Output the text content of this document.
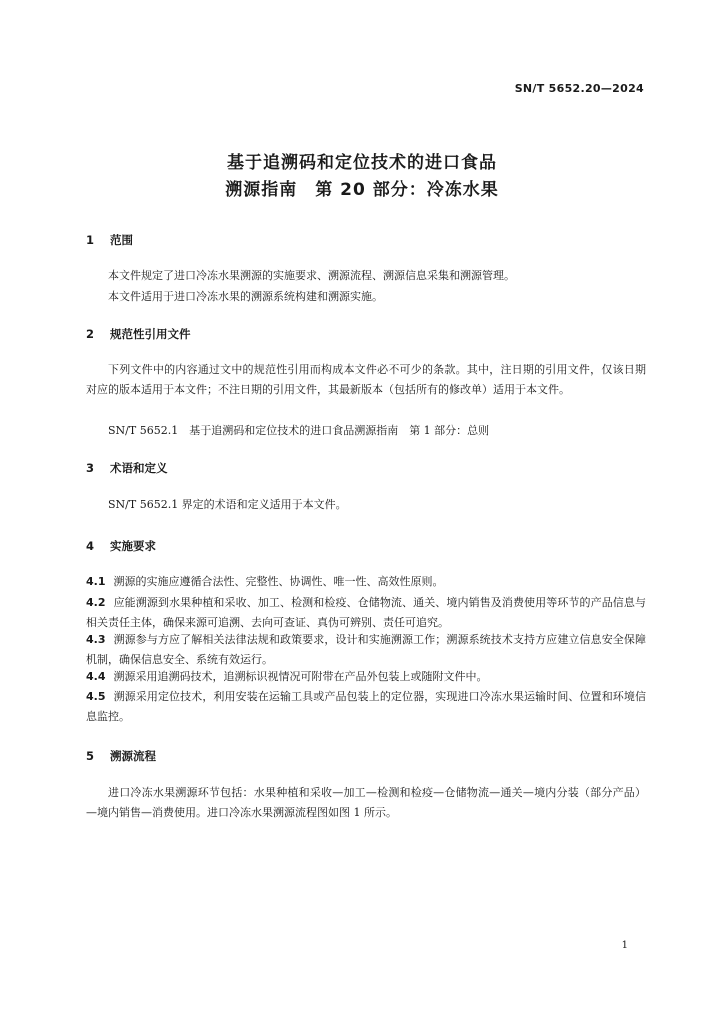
SN/T 5652.20—2024
基于追溯码和定位技术的进口食品
溯源指南　第 20 部分：冷冻水果
1 范围
本文件规定了进口冷冻水果溯源的实施要求、溯源流程、溯源信息采集和溯源管理。
本文件适用于进口冷冻水果的溯源系统构建和溯源实施。
2 规范性引用文件
下列文件中的内容通过文中的规范性引用而构成本文件必不可少的条款。其中，注日期的引用文件，仅该日期对应的版本适用于本文件；不注日期的引用文件，其最新版本（包括所有的修改单）适用于本文件。
SN/T 5652.1　基于追溯码和定位技术的进口食品溯源指南　第 1 部分：总则
3 术语和定义
SN/T 5652.1 界定的术语和定义适用于本文件。
4 实施要求
4.1 溯源的实施应遵循合法性、完整性、协调性、唯一性、高效性原则。
4.2 应能溯源到水果种植和采收、加工、检测和检疫、仓储物流、通关、境内销售及消费使用等环节的产品信息与相关责任主体，确保来源可追溯、去向可查证、真伪可辨别、责任可追究。
4.3 溯源参与方应了解相关法律法规和政策要求，设计和实施溯源工作；溯源系统技术支持方应建立信息安全保障机制，确保信息安全、系统有效运行。
4.4 溯源采用追溯码技术，追溯标识视情况可附带在产品外包装上或随附文件中。
4.5 溯源采用定位技术，利用安装在运输工具或产品包装上的定位器，实现进口冷冻水果运输时间、位置和环境信息监控。
5 溯源流程
进口冷冻水果溯源环节包括：水果种植和采收—加工—检测和检疫—仓储物流—通关—境内分装（部分产品）—境内销售—消费使用。进口冷冻水果溯源流程图如图 1 所示。
1
